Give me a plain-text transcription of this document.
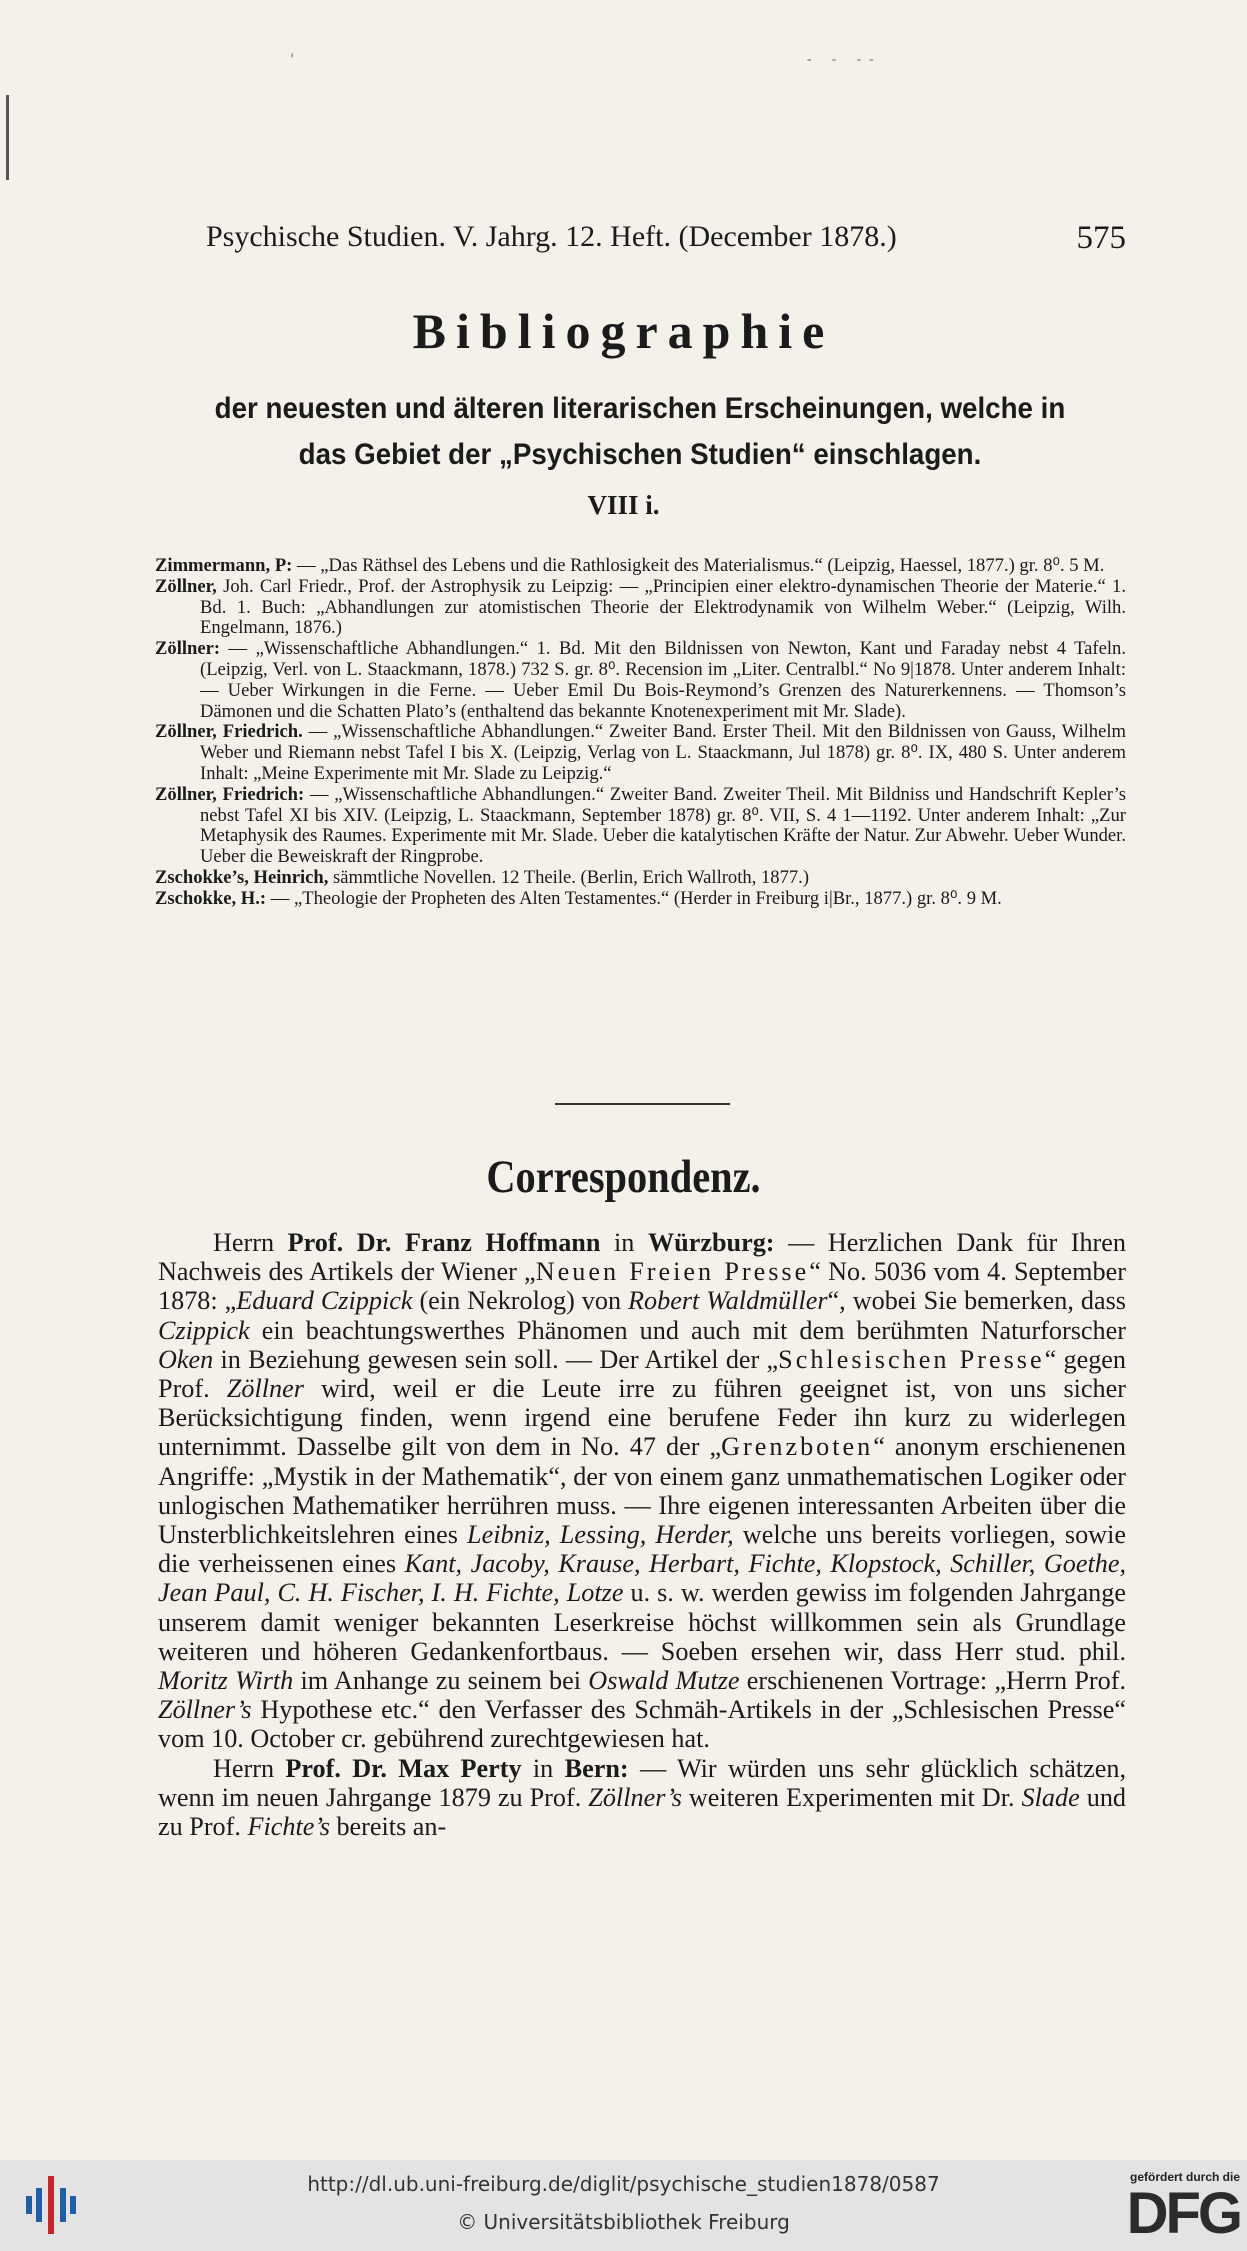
'	- - --
Psychische Studien. V. Jahrg. 12. Heft. (December 1878.)	575
Bibliographie
der neuesten und älteren literarischen Erscheinungen, welche in
das Gebiet der „Psychischen Studien“ einschlagen.
VIII i.

Zimmermann, P: — „Das Räthsel des Lebens und die Rathlosigkeit des Materialismus.“ (Leipzig, Haessel, 1877.) gr. 8⁰. 5 M.

Zöllner, Joh. Carl Friedr., Prof. der Astrophysik zu Leipzig: — „Principien einer elektro-dynamischen Theorie der Materie.“ 1. Bd. 1. Buch: „Abhandlungen zur atomistischen Theorie der Elektrodynamik von Wilhelm Weber.“ (Leipzig, Wilh. Engelmann, 1876.)

Zöllner: — „Wissenschaftliche Abhandlungen.“ 1. Bd. Mit den Bildnissen von Newton, Kant und Faraday nebst 4 Tafeln. (Leipzig, Verl. von L. Staackmann, 1878.) 732 S. gr. 8⁰. Recension im „Liter. Centralbl.“ No 9|1878. Unter anderem Inhalt: — Ueber Wirkungen in die Ferne. — Ueber Emil Du Bois-Reymond’s Grenzen des Naturerkennens. — Thomson’s Dämonen und die Schatten Plato’s (enthaltend das bekannte Knotenexperiment mit Mr. Slade).

Zöllner, Friedrich. — „Wissenschaftliche Abhandlungen.“ Zweiter Band. Erster Theil. Mit den Bildnissen von Gauss, Wilhelm Weber und Riemann nebst Tafel I bis X. (Leipzig, Verlag von L. Staackmann, Jul 1878) gr. 8⁰. IX, 480 S. Unter anderem Inhalt: „Meine Experimente mit Mr. Slade zu Leipzig.“

Zöllner, Friedrich: — „Wissenschaftliche Abhandlungen.“ Zweiter Band. Zweiter Theil. Mit Bildniss und Handschrift Kepler’s nebst Tafel XI bis XIV. (Leipzig, L. Staackmann, September 1878) gr. 8⁰. VII, S. 4 1—1192. Unter anderem Inhalt: „Zur Metaphysik des Raumes. Experimente mit Mr. Slade. Ueber die katalytischen Kräfte der Natur. Zur Abwehr. Ueber Wunder. Ueber die Beweiskraft der Ringprobe.

Zschokke’s, Heinrich, sämmtliche Novellen. 12 Theile. (Berlin, Erich Wallroth, 1877.)

Zschokke, H.: — „Theologie der Propheten des Alten Testamentes.“ (Herder in Freiburg i|Br., 1877.) gr. 8⁰. 9 M.

Correspondenz.

Herrn Prof. Dr. Franz Hoffmann in Würzburg: — Herzlichen Dank für Ihren Nachweis des Artikels der Wiener „Neuen Freien Presse“ No. 5036 vom 4. September 1878: „Eduard Czippick (ein Nekrolog) von Robert Waldmüller“, wobei Sie bemerken, dass Czippick ein beachtungswerthes Phänomen und auch mit dem berühmten Naturforscher Oken in Beziehung gewesen sein soll. — Der Artikel der „Schlesischen Presse“ gegen Prof. Zöllner wird, weil er die Leute irre zu führen geeignet ist, von uns sicher Berücksichtigung finden, wenn irgend eine berufene Feder ihn kurz zu widerlegen unternimmt. Dasselbe gilt von dem in No. 47 der „Grenzboten“ anonym erschienenen Angriffe: „Mystik in der Mathematik“, der von einem ganz unmathematischen Logiker oder unlogischen Mathematiker herrühren muss. — Ihre eigenen interessanten Arbeiten über die Unsterblichkeitslehren eines Leibniz, Lessing, Herder, welche uns bereits vorliegen, sowie die verheissenen eines Kant, Jacoby, Krause, Herbart, Fichte, Klopstock, Schiller, Goethe, Jean Paul, C. H. Fischer, I. H. Fichte, Lotze u. s. w. werden gewiss im folgenden Jahrgange unserem damit weniger bekannten Leserkreise höchst willkommen sein als Grundlage weiteren und höheren Gedankenfortbaus. — Soeben ersehen wir, dass Herr stud. phil. Moritz Wirth im Anhange zu seinem bei Oswald Mutze erschienenen Vortrage: „Herrn Prof. Zöllner’s Hypothese etc.“ den Verfasser des Schmäh-Artikels in der „Schlesischen Presse“ vom 10. October cr. gebührend zurechtgewiesen hat.

Herrn Prof. Dr. Max Perty in Bern: — Wir würden uns sehr glücklich schätzen, wenn im neuen Jahrgange 1879 zu Prof. Zöllner’s weiteren Experimenten mit Dr. Slade und zu Prof. Fichte’s bereits an-

http://dl.ub.uni-freiburg.de/diglit/psychische_studien1878/0587
© Universitätsbibliothek Freiburg
gefördert durch die
DFG
